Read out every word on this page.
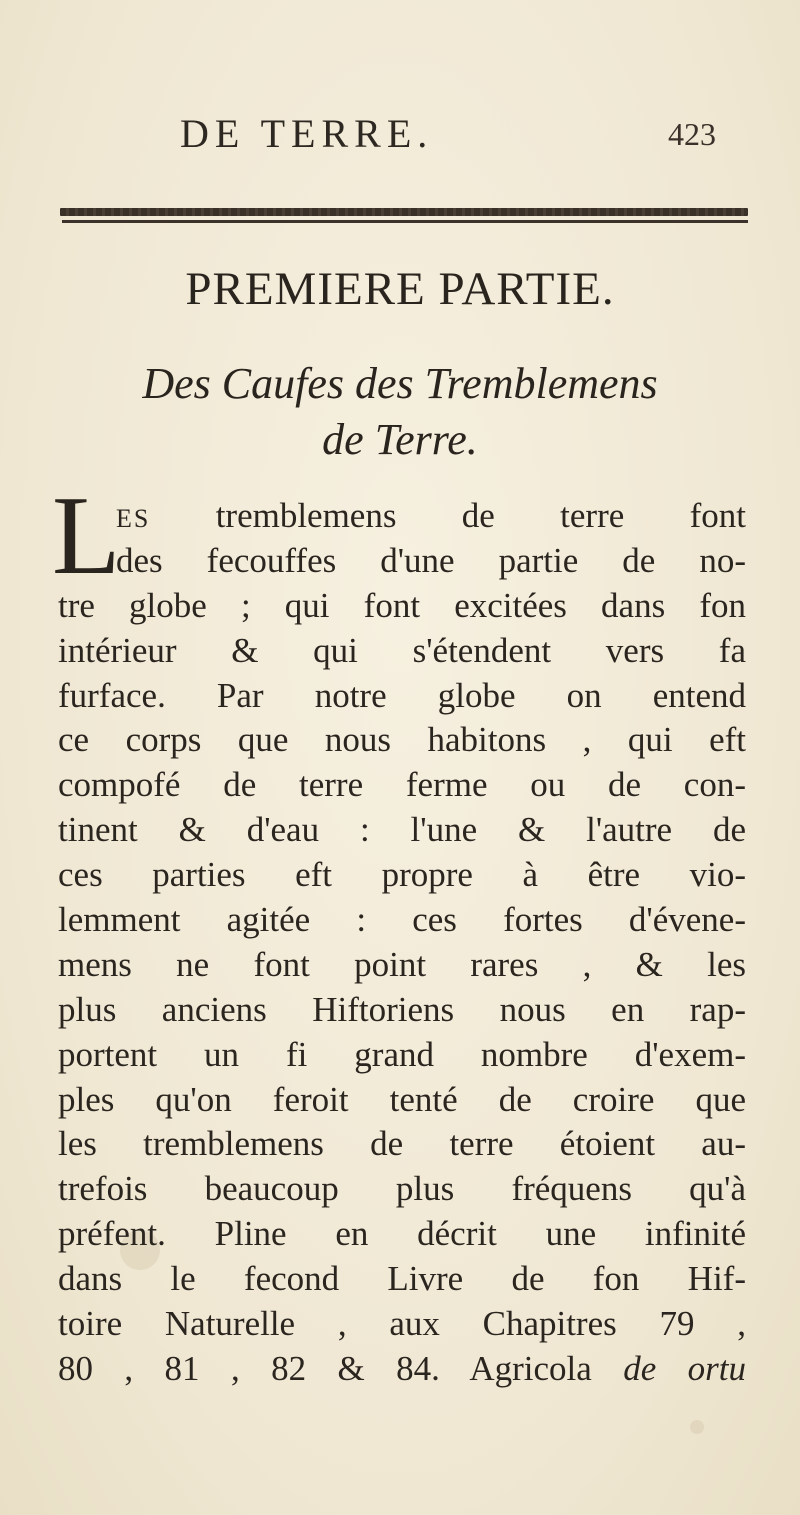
DE TERRE.	423
PREMIERE PARTIE.
Des Caufes des Tremblemens
de Terre.
L
ES tremblemens de terre font
des fecouffes d'une partie de no-
tre globe ; qui font excitées dans fon
intérieur & qui s'étendent vers fa
furface. Par notre globe on entend
ce corps que nous habitons , qui eft
compofé de terre ferme ou de con-
tinent & d'eau : l'une & l'autre de
ces parties eft propre à être vio-
lemment agitée : ces fortes d'évene-
mens ne font point rares , & les
plus anciens Hiftoriens nous en rap-
portent un fi grand nombre d'exem-
ples qu'on feroit tenté de croire que
les tremblemens de terre étoient au-
trefois beaucoup plus fréquens qu'à
préfent. Pline en décrit une infinité
dans le fecond Livre de fon Hif-
toire Naturelle , aux Chapitres 79 ,
80 , 81 , 82 & 84. Agricola de ortu
